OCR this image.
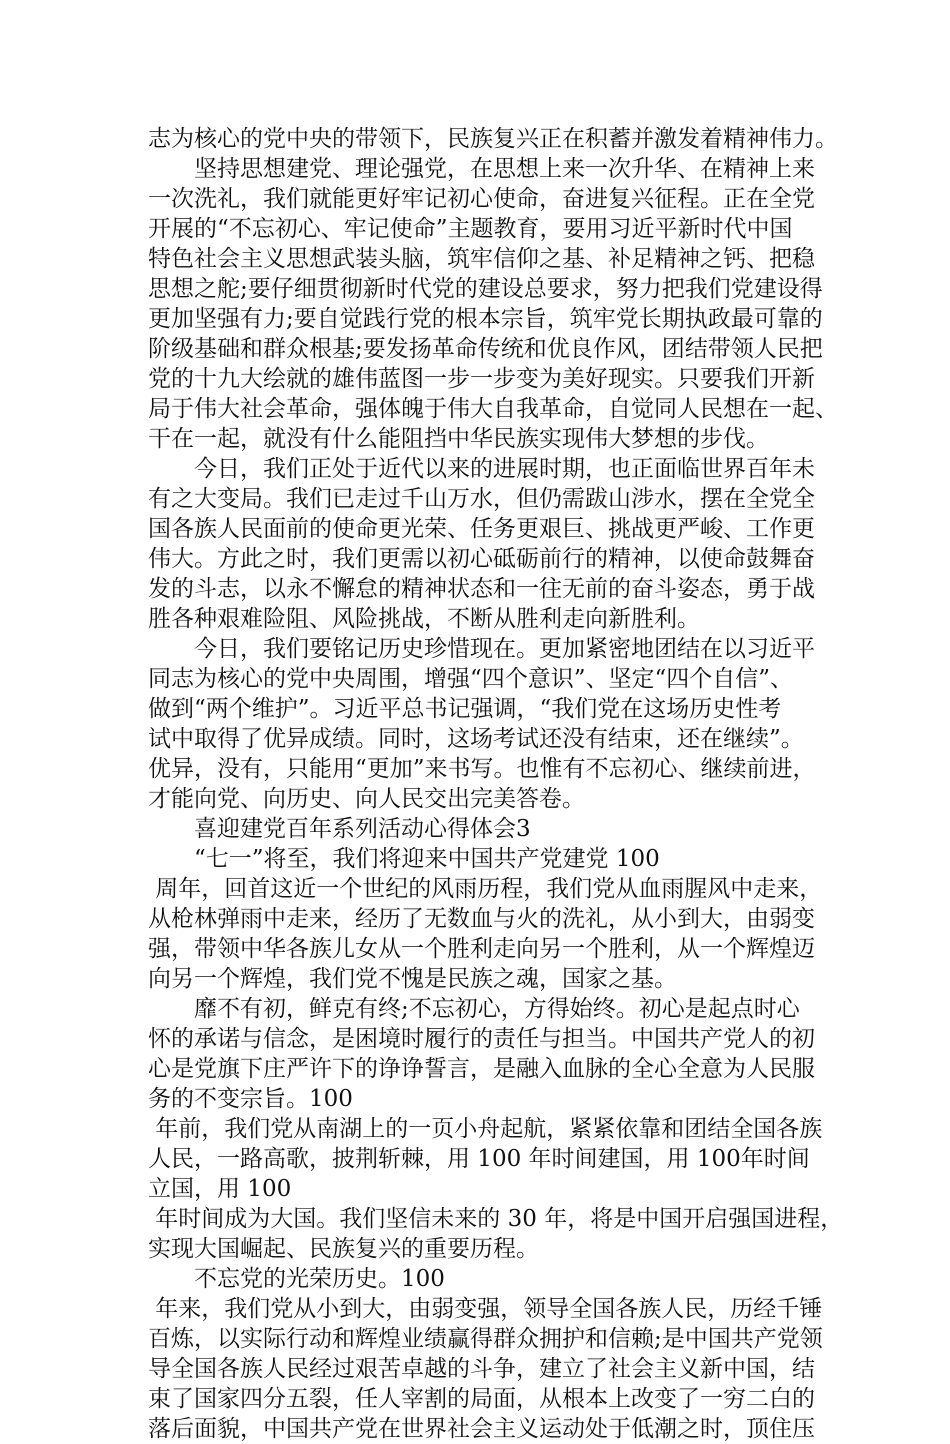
志为核心的党中央的带领下，民族复兴正在积蓄并激发着精神伟力。
　　坚持思想建党、理论强党，在思想上来一次升华、在精神上来
一次洗礼，我们就能更好牢记初心使命，奋进复兴征程。正在全党
开展的“不忘初心、牢记使命”主题教育，要用习近平新时代中国
特色社会主义思想武装头脑，筑牢信仰之基、补足精神之钙、把稳
思想之舵;要仔细贯彻新时代党的建设总要求，努力把我们党建设得
更加坚强有力;要自觉践行党的根本宗旨，筑牢党长期执政最可靠的
阶级基础和群众根基;要发扬革命传统和优良作风，团结带领人民把
党的十九大绘就的雄伟蓝图一步一步变为美好现实。只要我们开新
局于伟大社会革命，强体魄于伟大自我革命，自觉同人民想在一起、
干在一起，就没有什么能阻挡中华民族实现伟大梦想的步伐。
　　今日，我们正处于近代以来的进展时期，也正面临世界百年未
有之大变局。我们已走过千山万水，但仍需跋山涉水，摆在全党全
国各族人民面前的使命更光荣、任务更艰巨、挑战更严峻、工作更
伟大。方此之时，我们更需以初心砥砺前行的精神，以使命鼓舞奋
发的斗志，以永不懈怠的精神状态和一往无前的奋斗姿态，勇于战
胜各种艰难险阻、风险挑战，不断从胜利走向新胜利。
　　今日，我们要铭记历史珍惜现在。更加紧密地团结在以习近平
同志为核心的党中央周围，增强“四个意识”、坚定“四个自信”、
做到“两个维护”。习近平总书记强调，“我们党在这场历史性考
试中取得了优异成绩。同时，这场考试还没有结束，还在继续”。
优异，没有，只能用“更加”来书写。也惟有不忘初心、继续前进，
才能向党、向历史、向人民交出完美答卷。
　　喜迎建党百年系列活动心得体会3
　　“七一”将至，我们将迎来中国共产党建党 100
周年，回首这近一个世纪的风雨历程，我们党从血雨腥风中走来，
从枪林弹雨中走来，经历了无数血与火的洗礼，从小到大，由弱变
强，带领中华各族儿女从一个胜利走向另一个胜利，从一个辉煌迈
向另一个辉煌，我们党不愧是民族之魂，国家之基。
　　靡不有初，鲜克有终;不忘初心，方得始终。初心是起点时心
怀的承诺与信念，是困境时履行的责任与担当。中国共产党人的初
心是党旗下庄严许下的诤诤誓言，是融入血脉的全心全意为人民服
务的不变宗旨。100
年前，我们党从南湖上的一页小舟起航，紧紧依靠和团结全国各族
人民，一路高歌，披荆斩棘，用 100 年时间建国，用 100年时间
立国，用 100
年时间成为大国。我们坚信未来的 30 年，将是中国开启强国进程，
实现大国崛起、民族复兴的重要历程。
　　不忘党的光荣历史。100
年来，我们党从小到大，由弱变强，领导全国各族人民，历经千锤
百炼，以实际行动和辉煌业绩赢得群众拥护和信赖;是中国共产党领
导全国各族人民经过艰苦卓越的斗争，建立了社会主义新中国，结
束了国家四分五裂，任人宰割的局面，从根本上改变了一穷二白的
落后面貌，中国共产党在世界社会主义运动处于低潮之时，顶住压
